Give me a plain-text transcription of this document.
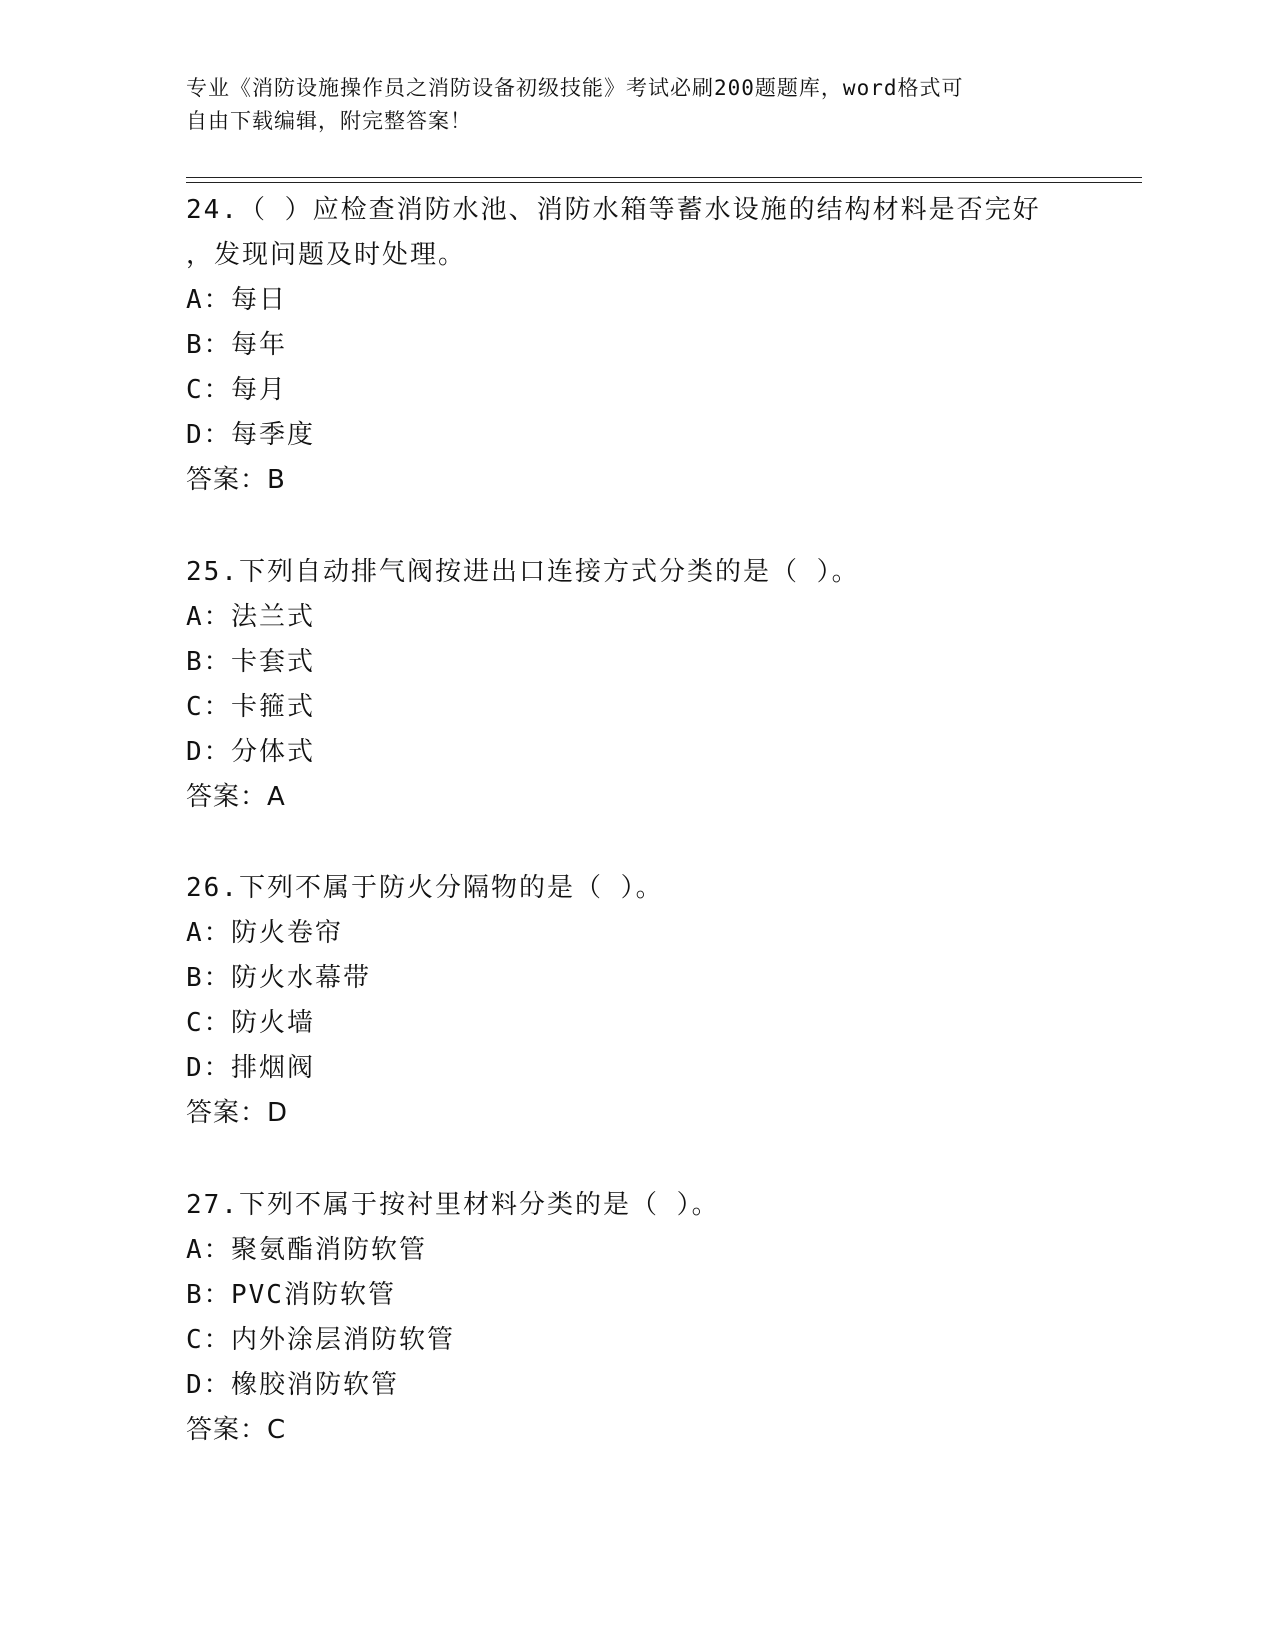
专业《消防设施操作员之消防设备初级技能》考试必刷200题题库，word格式可
自由下载编辑，附完整答案！
24.（ ）应检查消防水池、消防水箱等蓄水设施的结构材料是否完好
，发现问题及时处理。
A： 每日
B： 每年
C： 每月
D： 每季度
答案：B
25.下列自动排气阀按进出口连接方式分类的是（ ）。
A： 法兰式
B： 卡套式
C： 卡箍式
D： 分体式
答案：A
26.下列不属于防火分隔物的是（ ）。
A： 防火卷帘
B： 防火水幕带
C： 防火墙
D： 排烟阀
答案：D
27.下列不属于按衬里材料分类的是（ ）。
A： 聚氨酯消防软管
B： PVC消防软管
C： 内外涂层消防软管
D： 橡胶消防软管
答案：C
